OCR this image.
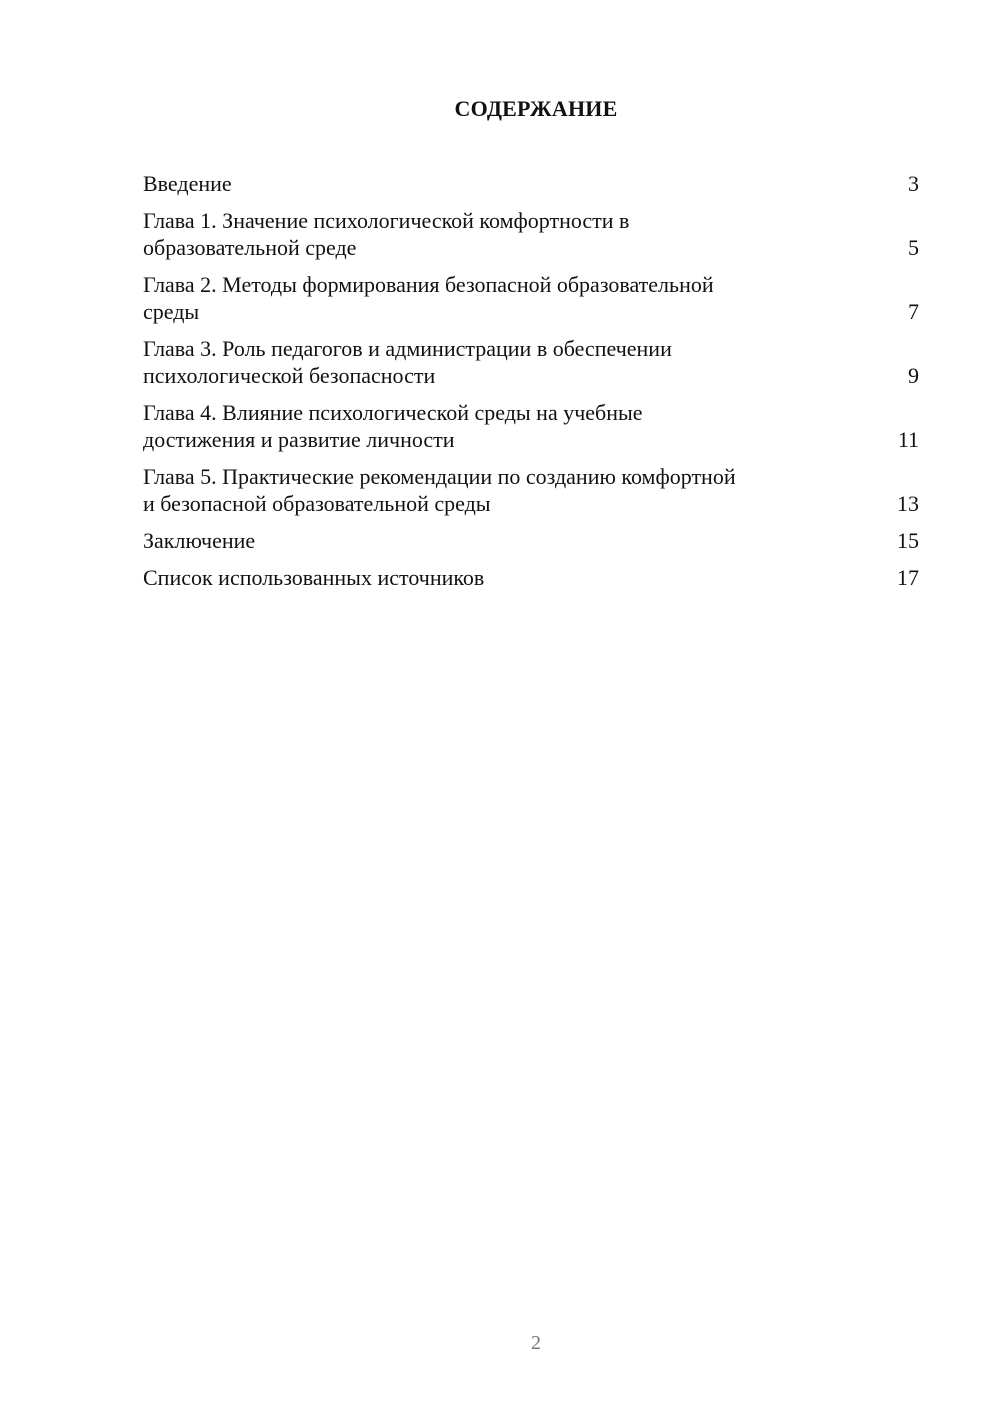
СОДЕРЖАНИЕ
Введение	3
Глава 1. Значение психологической комфортности в
образовательной среде	5
Глава 2. Методы формирования безопасной образовательной
среды	7
Глава 3. Роль педагогов и администрации в обеспечении
психологической безопасности	9
Глава 4. Влияние психологической среды на учебные
достижения и развитие личности	11
Глава 5. Практические рекомендации по созданию комфортной
и безопасной образовательной среды	13
Заключение	15
Список использованных источников	17
2
